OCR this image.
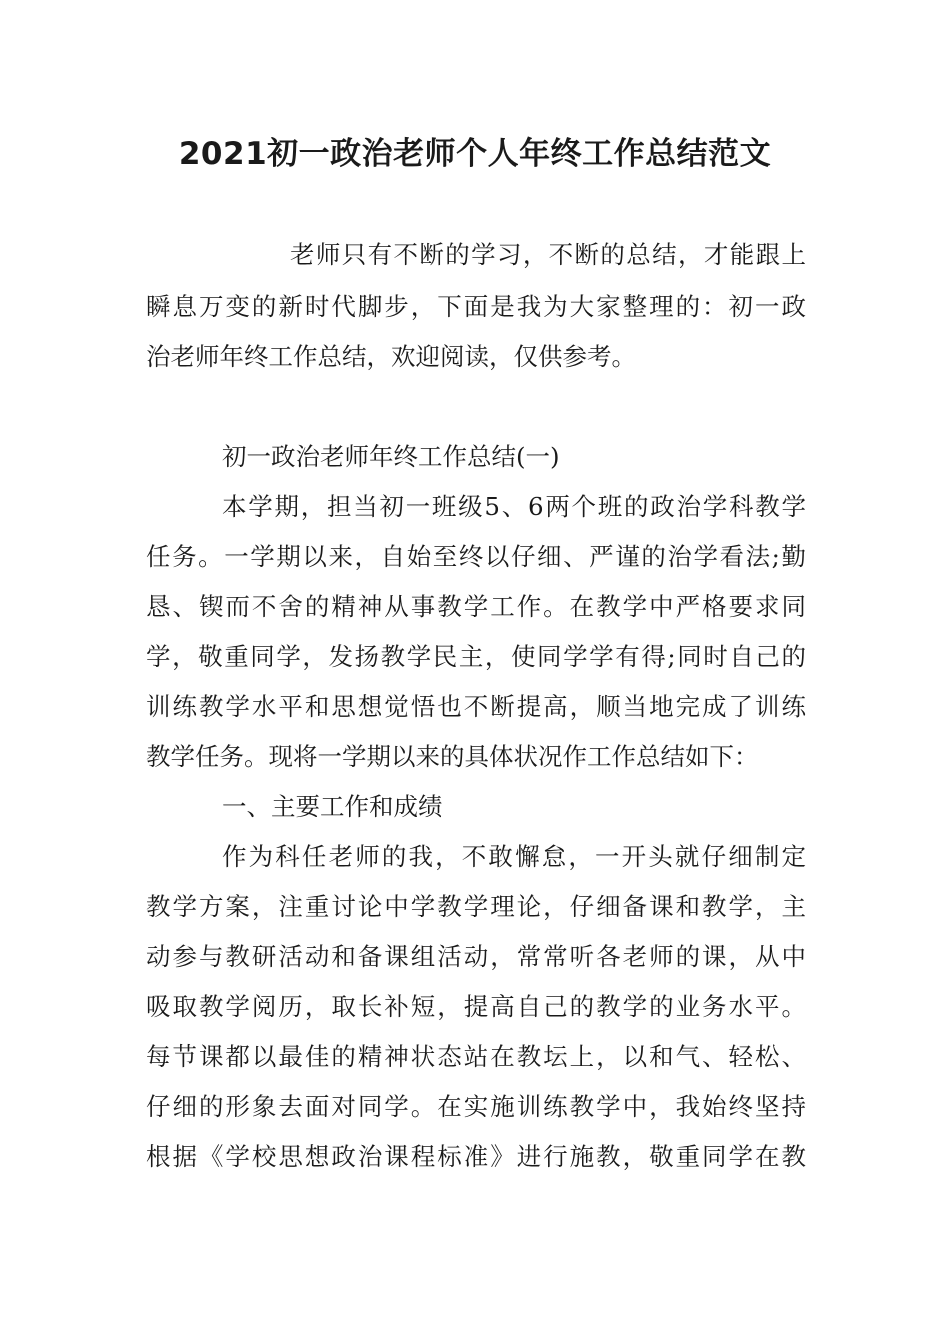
2021初一政治老师个人年终工作总结范文

老师只有不断的学习，不断的总结，才能跟上

瞬息万变的新时代脚步，下面是我为大家整理的：初一政

治老师年终工作总结，欢迎阅读，仅供参考。

初一政治老师年终工作总结(一)

本学期，担当初一班级5、6两个班的政治学科教学

任务。一学期以来，自始至终以仔细、严谨的治学看法;勤

恳、锲而不舍的精神从事教学工作。在教学中严格要求同

学，敬重同学，发扬教学民主，使同学学有得;同时自己的

训练教学水平和思想觉悟也不断提高，顺当地完成了训练

教学任务。现将一学期以来的具体状况作工作总结如下：

一、主要工作和成绩

作为科任老师的我，不敢懈怠，一开头就仔细制定

教学方案，注重讨论中学教学理论，仔细备课和教学，主

动参与教研活动和备课组活动，常常听各老师的课，从中

吸取教学阅历，取长补短，提高自己的教学的业务水平。

每节课都以最佳的精神状态站在教坛上，以和气、轻松、

仔细的形象去面对同学。在实施训练教学中，我始终坚持

根据《学校思想政治课程标准》进行施教，敬重同学在教
